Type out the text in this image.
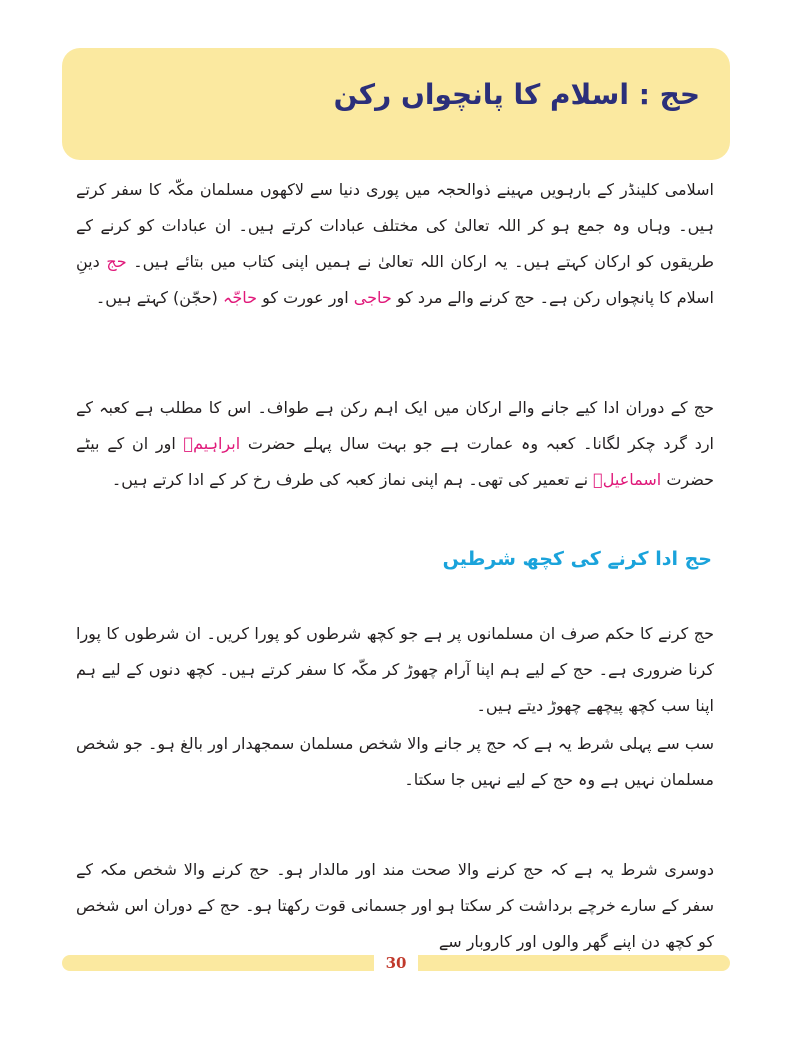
حج : اسلام کا پانچواں رکن

اسلامی کلینڈر کے بارہویں مہینے ذوالحجہ میں پوری دنیا سے لاکھوں مسلمان مکّہ کا سفر کرتے ہیں۔ وہاں وہ جمع ہو کر اللہ تعالیٰ کی مختلف عبادات کرتے ہیں۔ ان عبادات کو کرنے کے طریقوں کو ارکان کہتے ہیں۔ یہ ارکان اللہ تعالیٰ نے ہمیں اپنی کتاب میں بتائے ہیں۔ حج دینِ اسلام کا پانچواں رکن ہے۔ حج کرنے والے مرد کو حاجی اور عورت کو حاجّہ (حجّن) کہتے ہیں۔

حج کے دوران ادا کیے جانے والے ارکان میں ایک اہم رکن ہے طواف۔ اس کا مطلب ہے کعبہ کے ارد گرد چکر لگانا۔ کعبہ وہ عمارت ہے جو بہت سال پہلے حضرت ابراہیمؑ اور ان کے بیٹے حضرت اسماعیلؑ نے تعمیر کی تھی۔ ہم اپنی نماز کعبہ کی طرف رخ کر کے ادا کرتے ہیں۔

حج ادا کرنے کی کچھ شرطیں

حج کرنے کا حکم صرف ان مسلمانوں پر ہے جو کچھ شرطوں کو پورا کریں۔ ان شرطوں کا پورا کرنا ضروری ہے۔ حج کے لیے ہم اپنا آرام چھوڑ کر مکّہ کا سفر کرتے ہیں۔ کچھ دنوں کے لیے ہم اپنا سب کچھ پیچھے چھوڑ دیتے ہیں۔

سب سے پہلی شرط یہ ہے کہ حج پر جانے والا شخص مسلمان سمجھدار اور بالغ ہو۔ جو شخص مسلمان نہیں ہے وہ حج کے لیے نہیں جا سکتا۔

دوسری شرط یہ ہے کہ حج کرنے والا صحت مند اور مالدار ہو۔ حج کرنے والا شخص مکہ کے سفر کے سارے خرچے برداشت کر سکتا ہو اور جسمانی قوت رکھتا ہو۔ حج کے دوران اس شخص کو کچھ دن اپنے گھر والوں اور کاروبار سے

30
